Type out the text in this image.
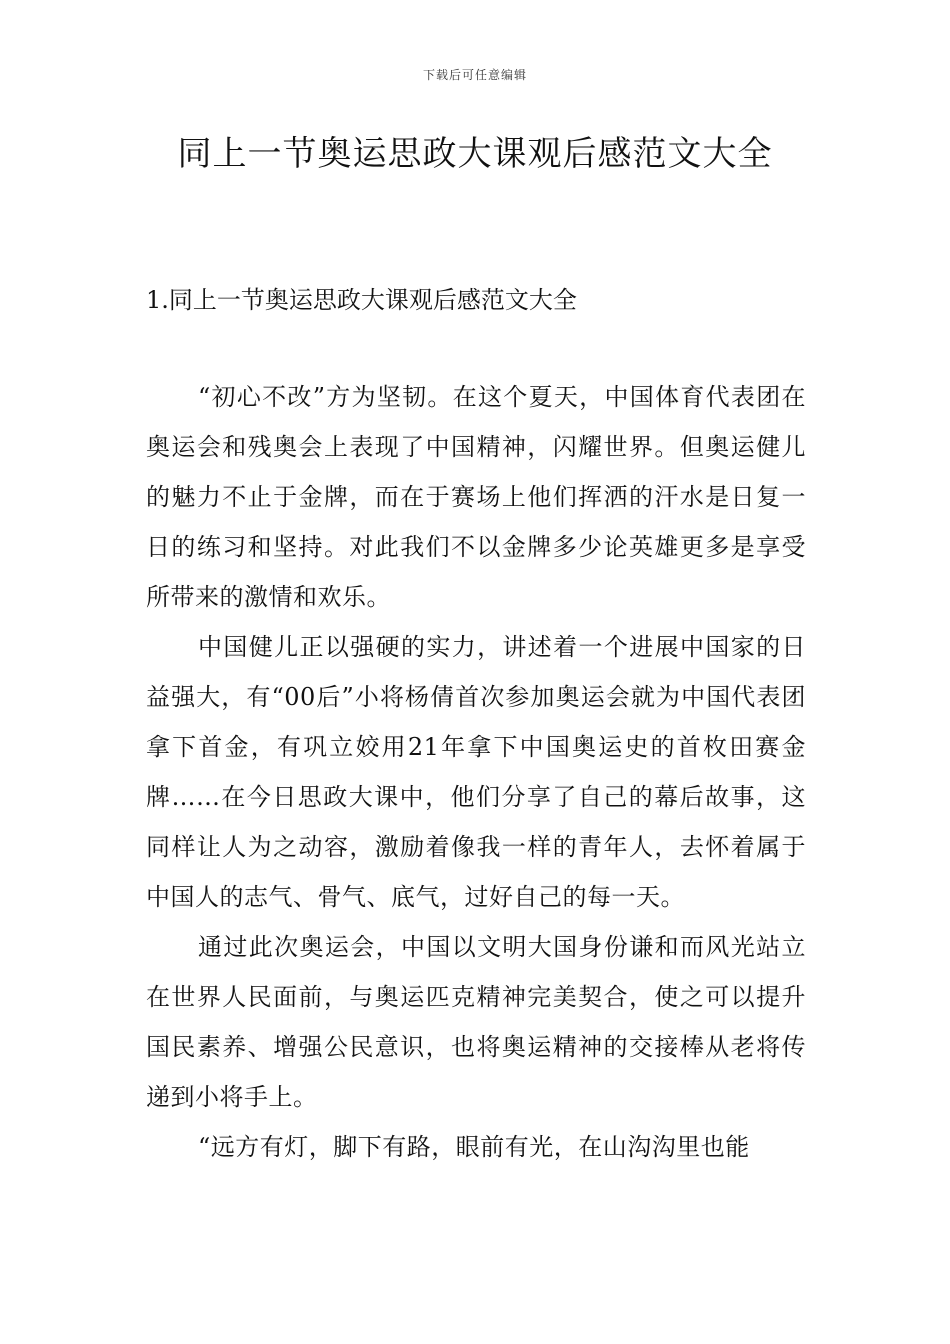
下载后可任意编辑
同上一节奥运思政大课观后感范文大全
1.同上一节奥运思政大课观后感范文大全

“初心不改”方为坚韧。在这个夏天，中国体育代表团在奥运会和残奥会上表现了中国精神，闪耀世界。但奥运健儿的魅力不止于金牌，而在于赛场上他们挥洒的汗水是日复一日的练习和坚持。对此我们不以金牌多少论英雄更多是享受所带来的激情和欢乐。

中国健儿正以强硬的实力，讲述着一个进展中国家的日益强大，有“00后”小将杨倩首次参加奥运会就为中国代表团拿下首金，有巩立姣用21年拿下中国奥运史的首枚田赛金牌……在今日思政大课中，他们分享了自己的幕后故事，这同样让人为之动容，激励着像我一样的青年人，去怀着属于中国人的志气、骨气、底气，过好自己的每一天。

通过此次奥运会，中国以文明大国身份谦和而风光站立在世界人民面前，与奥运匹克精神完美契合，使之可以提升国民素养、增强公民意识，也将奥运精神的交接棒从老将传递到小将手上。

“远方有灯，脚下有路，眼前有光，在山沟沟里也能
